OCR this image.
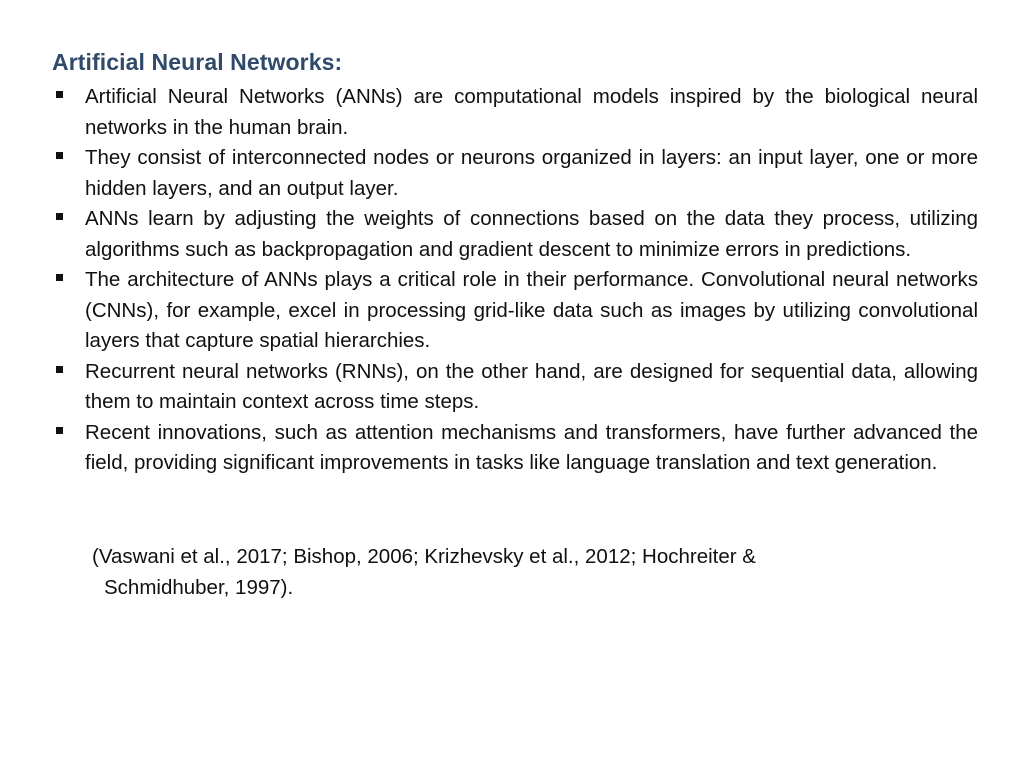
Artificial Neural Networks:
Artificial Neural Networks (ANNs) are computational models inspired by the biological neural networks in the human brain.
They consist of interconnected nodes or neurons organized in layers: an input layer, one or more hidden layers, and an output layer.
ANNs learn by adjusting the weights of connections based on the data they process, utilizing algorithms such as backpropagation and gradient descent to minimize errors in predictions.
The architecture of ANNs plays a critical role in their performance. Convolutional neural networks (CNNs), for example, excel in processing grid-like data such as images by utilizing convolutional layers that capture spatial hierarchies.
Recurrent neural networks (RNNs), on the other hand, are designed for sequential data, allowing them to maintain context across time steps.
Recent innovations, such as attention mechanisms and transformers, have further advanced the field, providing significant improvements in tasks like language translation and text generation.
(Vaswani et al., 2017; Bishop, 2006; Krizhevsky et al., 2012; Hochreiter & Schmidhuber, 1997).
